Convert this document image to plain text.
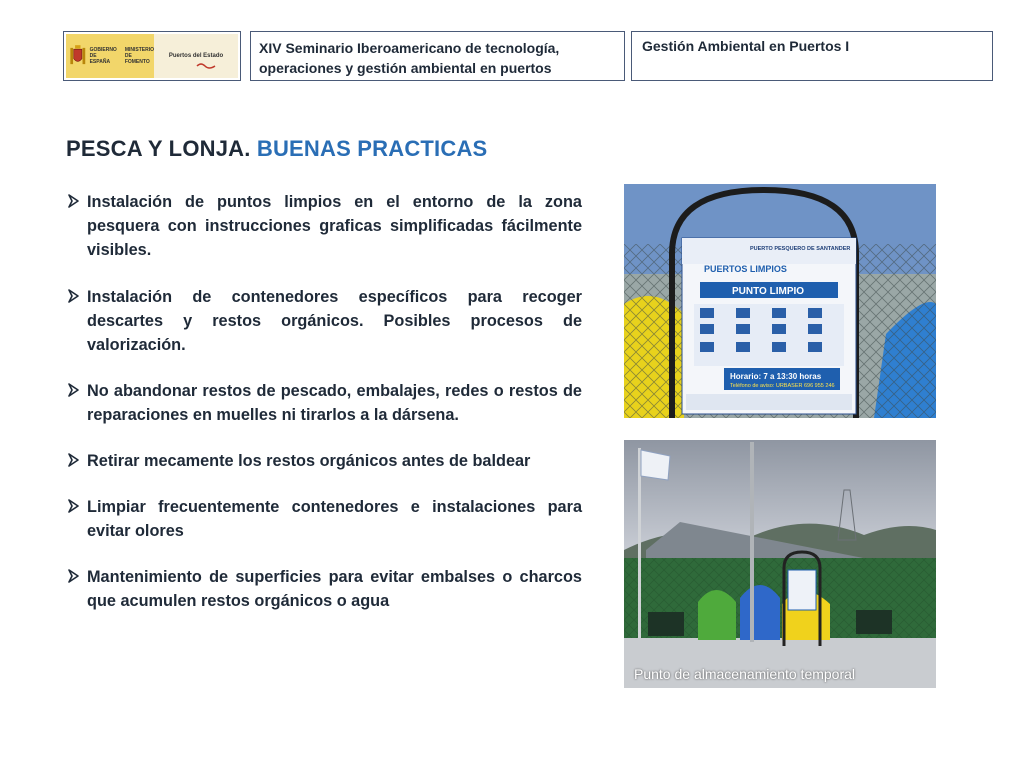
GOBIERNO
DE ESPAÑA
MINISTERIO
DE FOMENTO
Puertos del Estado	XIV Seminario Iberoamericano de tecnología, operaciones y gestión ambiental en puertos
Gestión Ambiental en Puertos I
PESCA Y LONJA. BUENAS PRACTICAS
Instalación de puntos limpios en el entorno de la zona pesquera con instrucciones graficas simplificadas fácilmente visibles.
Instalación de contenedores específicos para recoger descartes y restos orgánicos. Posibles procesos de valorización.
No abandonar restos de pescado, embalajes, redes o restos de reparaciones en muelles ni tirarlos a la dársena.
Retirar mecamente los restos orgánicos antes de baldear
Limpiar frecuentemente contenedores e instalaciones para evitar olores
Mantenimiento de superficies para evitar embalses o charcos que acumulen restos orgánicos o agua
PUERTO PESQUERO DE SANTANDER
PUERTOS LIMPIOS
PUNTO LIMPIO
Horario: 7 a 13:30 horas
Teléfono de aviso: URBASER 696 955 246
Punto de almacenamiento temporal
